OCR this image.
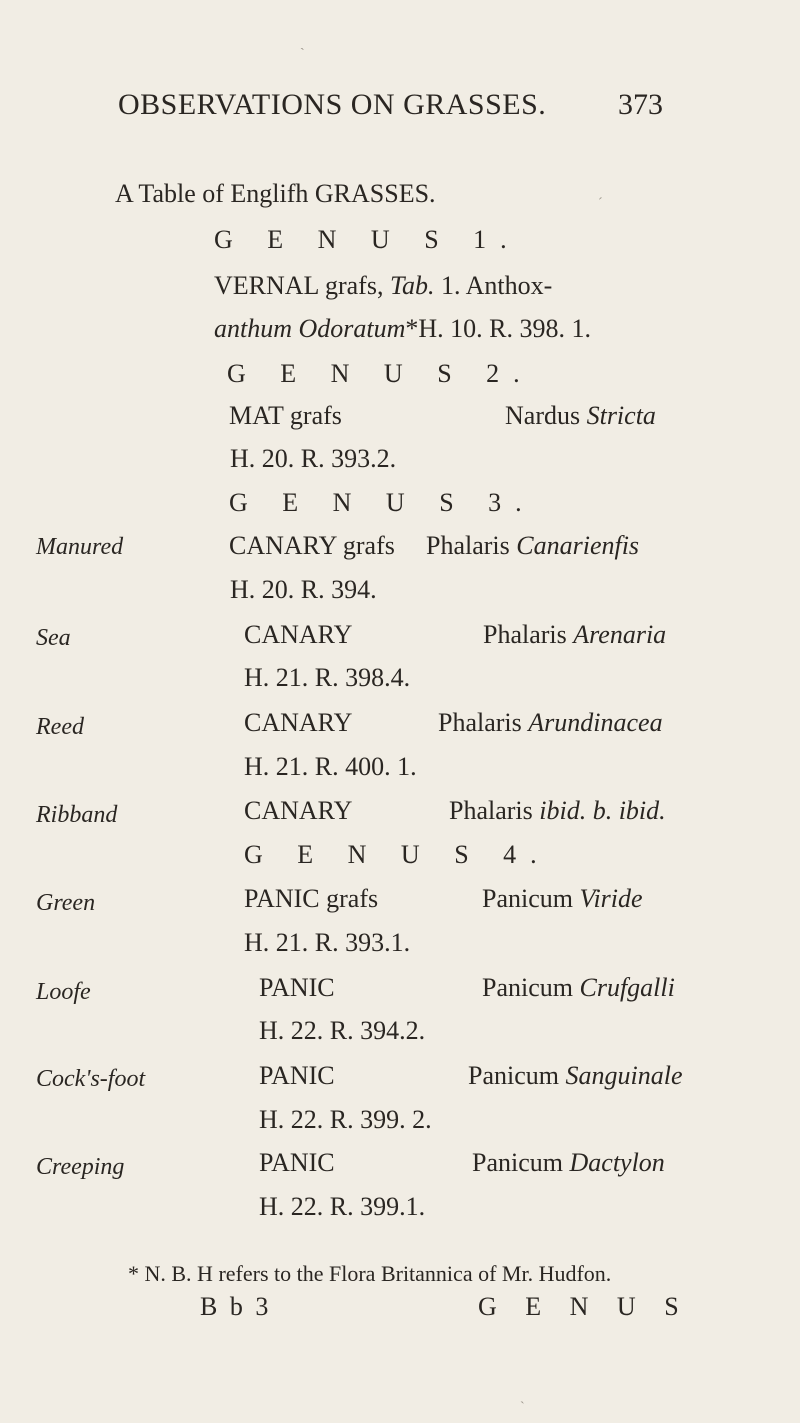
OBSERVATIONS ON GRASSES. 373
A Table of Englifh GRASSES.
G E N U S 1.
VERNAL grafs, Tab. 1. Anthox-
anthum Odoratum*H. 10. R. 398. 1.
G E N U S 2.
MAT grafs	Nardus Stricta
H. 20. R. 393.2.
G E N U S 3.
Manured	CANARY grafs Phalaris Canarienfis
H. 20. R. 394.
Sea	CANARY	Phalaris Arenaria
H. 21. R. 398.4.
Reed	CANARY	Phalaris Arundinacea
H. 21. R. 400. 1.
Ribband	CANARY	Phalaris ibid. b. ibid.
G E N U S 4.
Green	PANIC grafs	Panicum Viride
H. 21. R. 393.1.
Loofe	PANIC	Panicum Crufgalli
H. 22. R. 394.2.
Cock's-foot	PANIC	Panicum Sanguinale
H. 22. R. 399. 2.
Creeping	PANIC	Panicum Dactylon
H. 22. R. 399.1.
* N. B. H refers to the Flora Britannica of Mr. Hudfon.
B b 3	G E N U S
ˏ
ˊ
ˋ
